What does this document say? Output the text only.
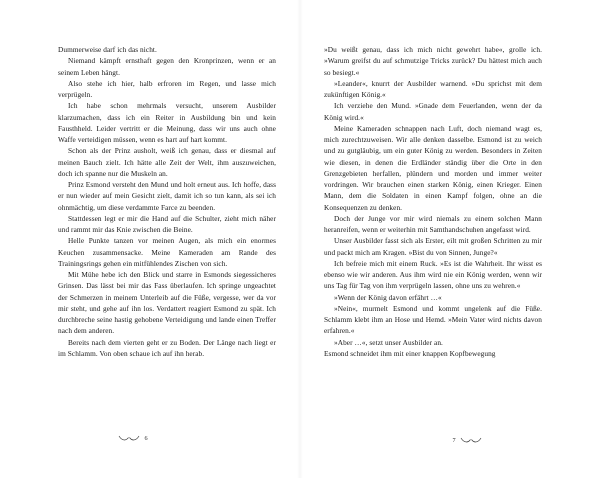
Dummerweise darf ich das nicht.

Niemand kämpft ernsthaft gegen den Kronprinzen, wenn er an seinem Leben hängt.

Also stehe ich hier, halb erfroren im Regen, und lasse mich verprügeln.

Ich habe schon mehrmals versucht, unserem Ausbilder klarzumachen, dass ich ein Reiter in Ausbildung bin und kein Fausthheld. Leider vertritt er die Meinung, dass wir uns auch ohne Waffe verteidigen müssen, wenn es hart auf hart kommt.

Schon als der Prinz ausholt, weiß ich genau, dass er diesmal auf meinen Bauch zielt. Ich hätte alle Zeit der Welt, ihm auszuweichen, doch ich spanne nur die Muskeln an.

Prinz Esmond versteht den Mund und holt erneut aus. Ich hoffe, dass er nun wieder auf mein Gesicht zielt, damit ich so tun kann, als sei ich ohnmächtig, um diese verdammte Farce zu beenden.

Stattdessen legt er mir die Hand auf die Schulter, zieht mich näher und rammt mir das Knie zwischen die Beine.

Helle Punkte tanzen vor meinen Augen, als mich ein enormes Keuchen zusammensacke. Meine Kameraden am Rande des Trainingsrings gehen ein mitfühlendes Zischen von sich.

Mit Mühe hebe ich den Blick und starre in Esmonds siegessicheres Grinsen. Das lässt bei mir das Fass überlaufen. Ich springe ungeachtet der Schmerzen in meinem Unterleib auf die Füße, vergesse, wer da vor mir steht, und gehe auf ihn los. Verdattert reagiert Esmond zu spät. Ich durchbreche seine hastig gehobene Verteidigung und lande einen Treffer nach dem anderen.

Bereits nach dem vierten geht er zu Boden. Der Länge nach liegt er im Schlamm. Von oben schaue ich auf ihn herab.

6

»Du weißt genau, dass ich mich nicht gewehrt habe«, grolle ich. »Warum greifst du auf schmutzige Tricks zurück? Du hättest mich auch so besiegt.«

»Leander«, knurrt der Ausbilder warnend. »Du sprichst mit dem zukünftigen König.«

Ich verziehe den Mund. »Gnade dem Feuerlanden, wenn der da König wird.«

Meine Kameraden schnappen nach Luft, doch niemand wagt es, mich zurechtzuweisen. Wir alle denken dasselbe. Esmond ist zu weich und zu gutgläubig, um ein guter König zu werden. Besonders in Zeiten wie diesen, in denen die Erdländer ständig über die Orte in den Grenzgebieten herfallen, plündern und morden und immer weiter vordringen. Wir brauchen einen starken König, einen Krieger. Einen Mann, dem die Soldaten in einen Kampf folgen, ohne an die Konsequenzen zu denken.

Doch der Junge vor mir wird niemals zu einem solchen Mann heranreifen, wenn er weiterhin mit Samthandschuhen angefasst wird.

Unser Ausbilder fasst sich als Erster, eilt mit großen Schritten zu mir und packt mich am Kragen. »Bist du von Sinnen, Junge?«

Ich befreie mich mit einem Ruck. »Es ist die Wahrheit. Ihr wisst es ebenso wie wir anderen. Aus ihm wird nie ein König werden, wenn wir uns Tag für Tag von ihm verprügeln lassen, ohne uns zu wehren.«

»Wenn der König davon erfährt …«

»Nein«, murmelt Esmond und kommt ungelenk auf die Füße. Schlamm klebt ihm an Hose und Hemd. »Mein Vater wird nichts davon erfahren.«

»Aber …«, setzt unser Ausbilder an.

Esmond schneidet ihm mit einer knappen Kopfbewegung

7
